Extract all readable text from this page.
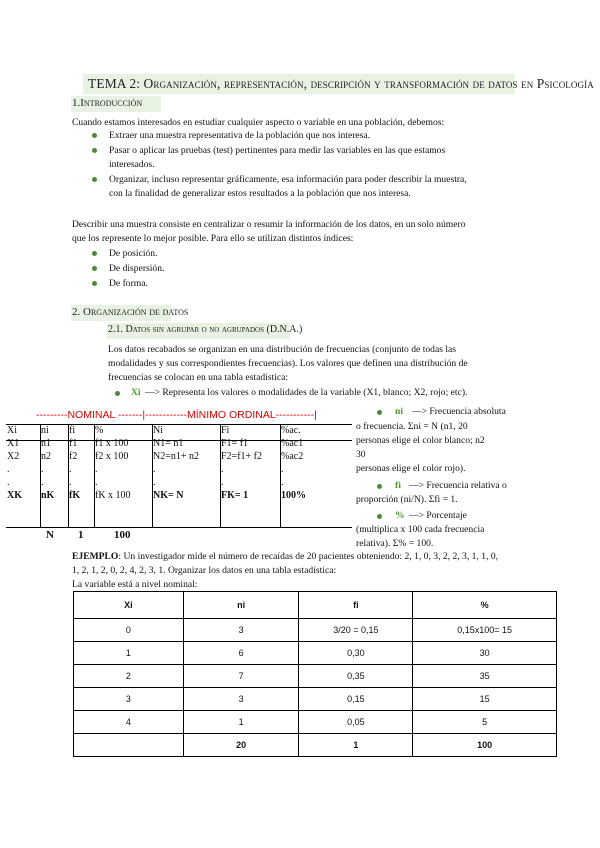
TEMA 2: Organización, representación, descripción y transformación de datos en Psicología
1.Introducción
Cuando estamos interesados en estudiar cualquier aspecto o variable en una población, debemos:
Extraer una muestra representativa de la población que nos interesa.
Pasar o aplicar las pruebas (test) pertinentes para medir las variables en las que estamos
interesados.
Organizar, incluso representar gráficamente, esa información para poder describir la muestra,
con la finalidad de generalizar estos resultados a la población que nos interesa.
Describir una muestra consiste en centralizar o resumir la información de los datos, en un solo número
que los represente lo mejor posible. Para ello se utilizan distintos índices:
De posición.
De dispersión.
De forma.
2. Organización de datos
2.1. Datos sin agrupar o no agrupados (D.N.A.)
Los datos recabados se organizan en una distribución de frecuencias (conjunto de todas las
modalidades y sus correspondientes frecuencias). Los valores que definen una distribución de
frecuencias se colocan en una tabla estadística:
Xi —> Representa los valores o modalidades de la variable (X1, blanco; X2, rojo; etc).
---------NOMINAL -------|------------MÍNIMO ORDINAL-----------|	ni —> Frecuencia absoluta
o frecuencia. Σni = N (n1, 20
personas elige el color blanco; n2
30
personas elige el color rojo).
fi —> Frecuencia relativa o
proporción (ni/N). Σfi = 1.
% —> Porcentaje
(multiplica x 100 cada frecuencia
relativa). Σ% = 100.
Xi	ni	fi	%	Ni	Fi	%ac.
X1	n1	f1	f1 x 100	N1= n1	F1= f1	%ac1
X2	n2	f2	f2 x 100	N2=n1+ n2	F2=f1+ f2	%ac2
.	.	.	.	.	.	.
.	.	.	.	.	.	.
XK	nK	fK	fK x 100	NK= N	FK= 1	100%
N 1	100
EJEMPLO: Un investigador mide el número de recaídas de 20 pacientes obteniendo: 2, 1, 0, 3, 2, 2, 3, 1, 1, 0,
1, 2, 1, 2, 0, 2, 4, 2, 3, 1. Organizar los datos en una tabla estadística:
La variable está a nivel nominal:
Xi	ni	fi	%
0	3	3/20 = 0,15	0,15x100= 15
1	6	0,30	30
2	7	0,35	35
3	3	0,15	15
4	1	0,05	5
	20	1	100
